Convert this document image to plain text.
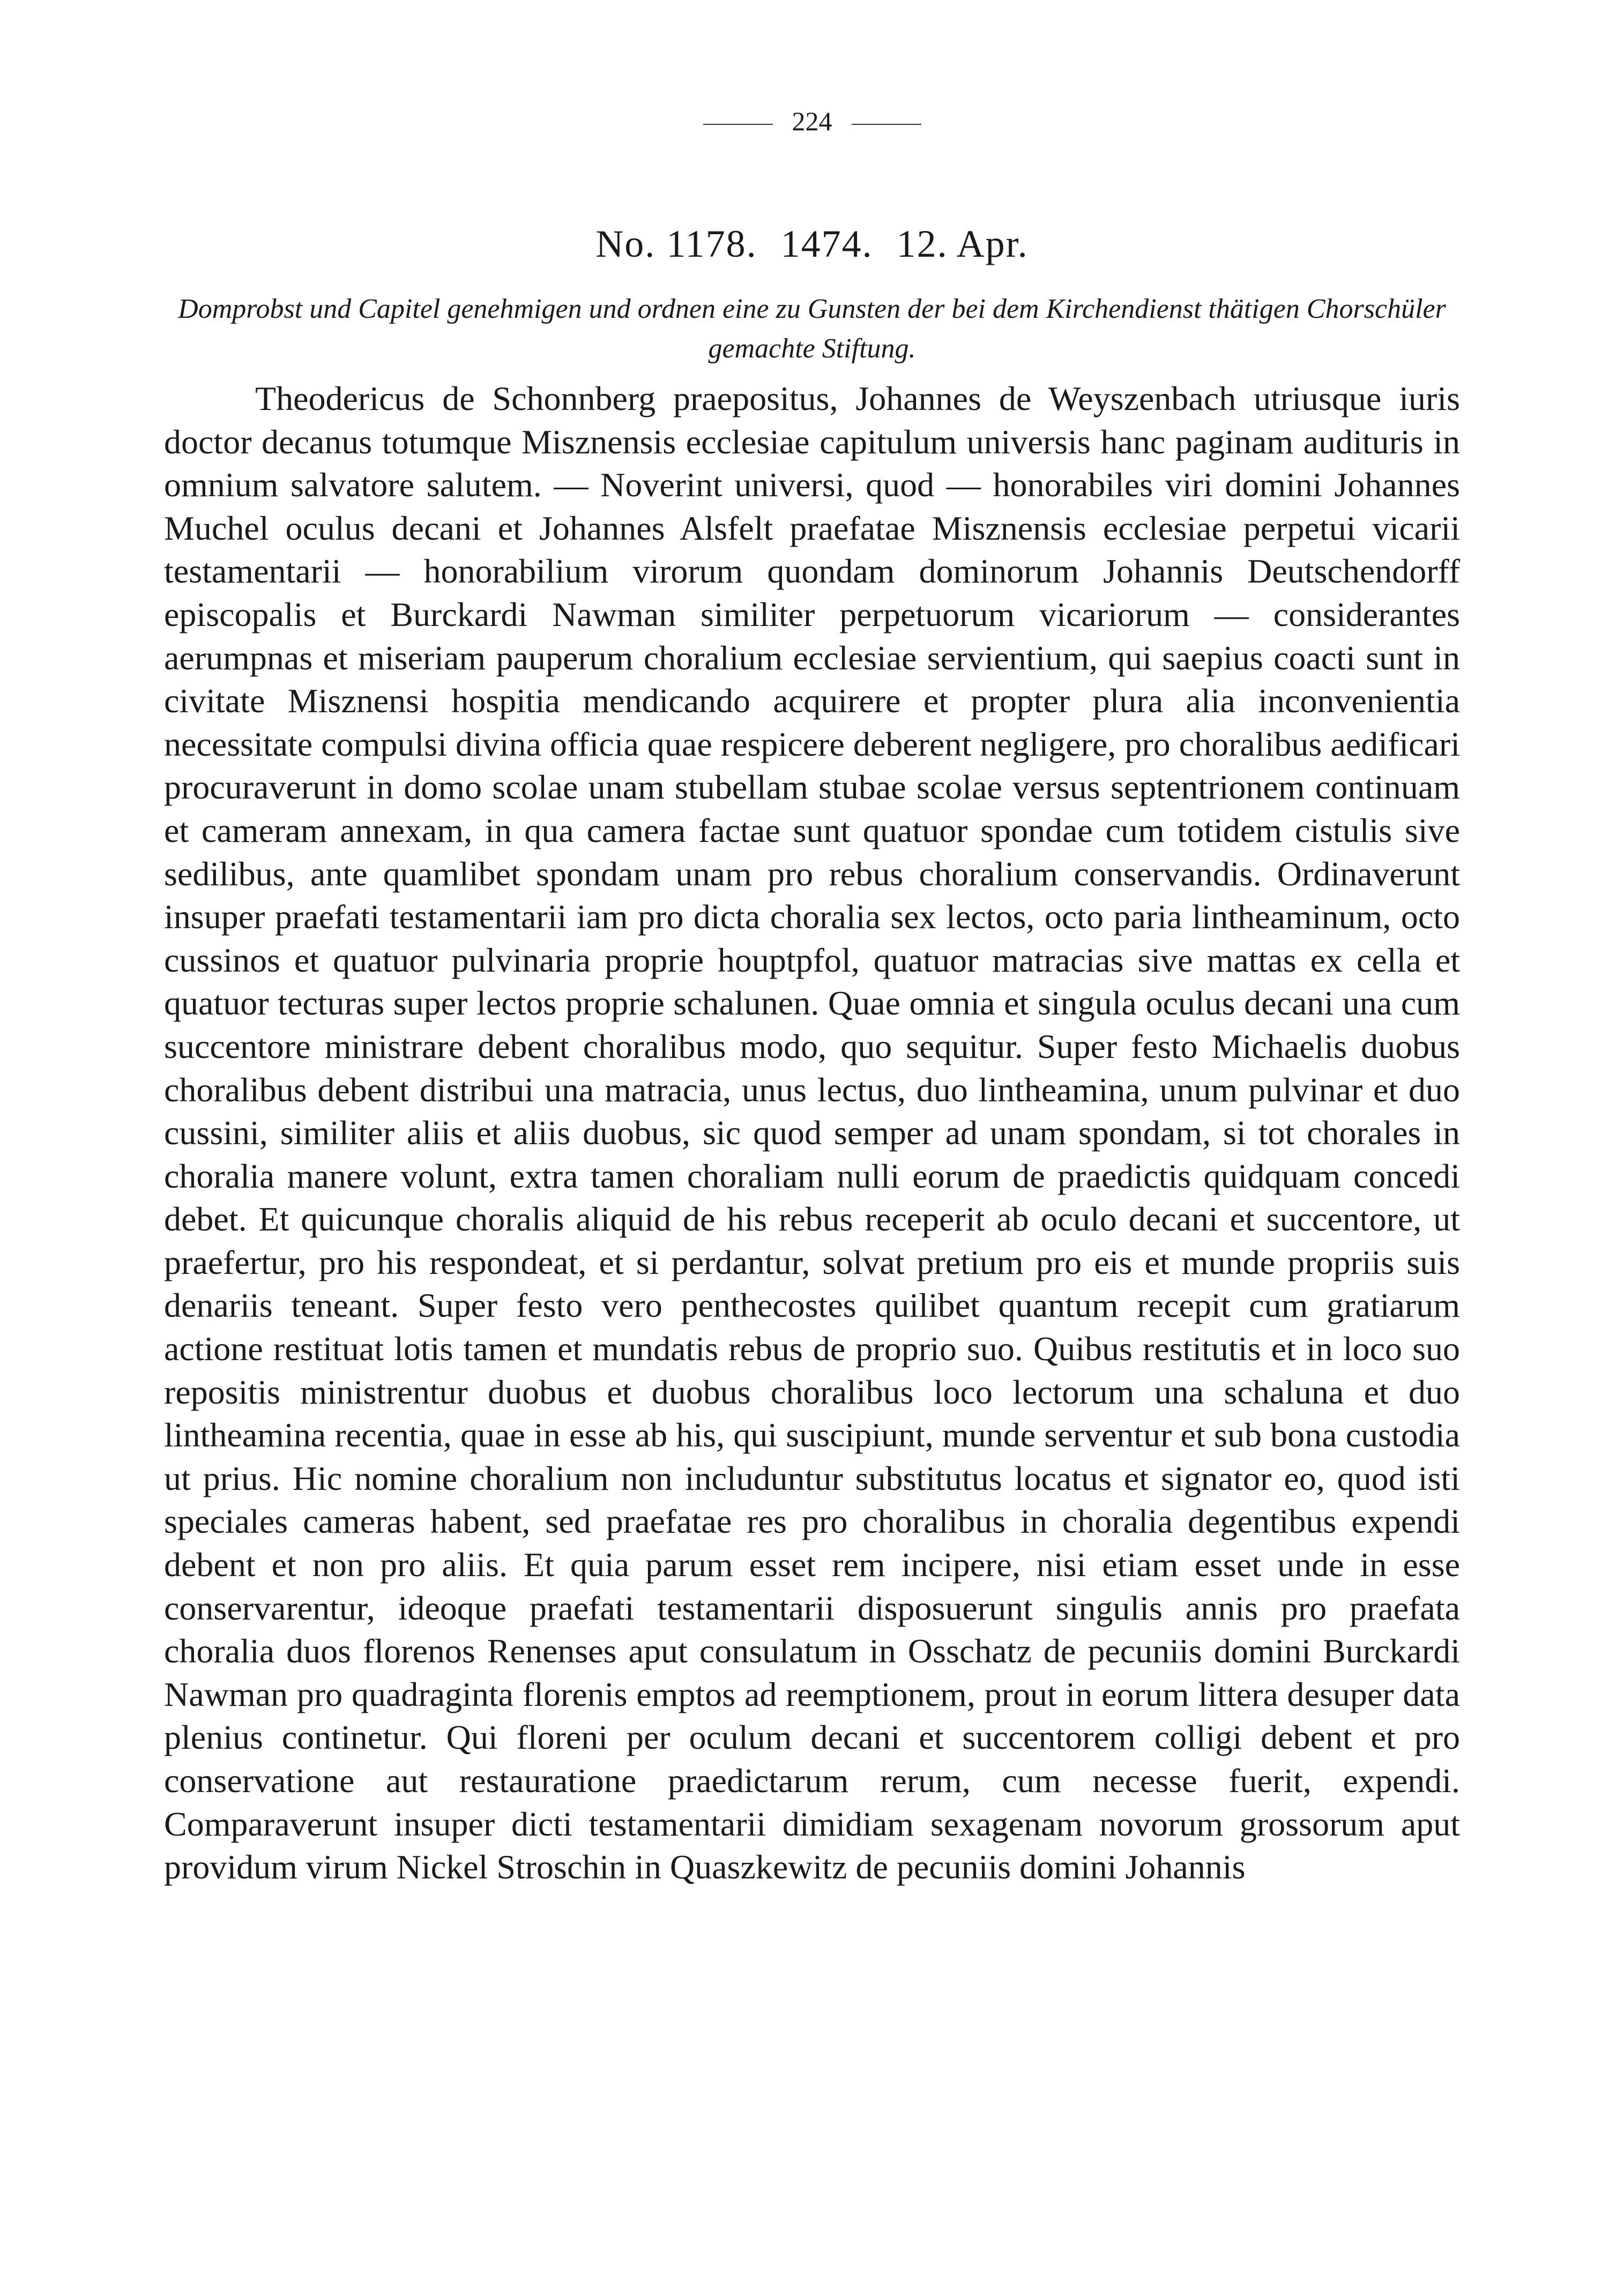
224
No. 1178. 1474. 12. Apr.
Domprobst und Capitel genehmigen und ordnen eine zu Gunsten der bei dem Kirchendienst thätigen Chorschüler gemachte Stiftung.
Theodericus de Schonnberg praepositus, Johannes de Weyszenbach utriusque iuris doctor decanus totumque Misznensis ecclesiae capitulum universis hanc paginam audituris in omnium salvatore salutem. — Noverint universi, quod — honorabiles viri domini Johannes Muchel oculus decani et Johannes Alsfelt praefatae Misznensis ecclesiae perpetui vicarii testamentarii — honorabilium virorum quondam dominorum Johannis Deutschendorff episcopalis et Burckardi Nawman similiter perpetuorum vicariorum — considerantes aerumpnas et miseriam pauperum choralium ecclesiae servientium, qui saepius coacti sunt in civitate Misznensi hospitia mendicando acquirere et propter plura alia inconvenientia necessitate compulsi divina officia quae respicere deberent negligere, pro choralibus aedificari procuraverunt in domo scolae unam stubellam stubae scolae versus septentrionem continuam et cameram annexam, in qua camera factae sunt quatuor spondae cum totidem cistulis sive sedilibus, ante quamlibet spondam unam pro rebus choralium conservandis. Ordinaverunt insuper praefati testamentarii iam pro dicta choralia sex lectos, octo paria lintheaminum, octo cussinos et quatuor pulvinaria proprie houptpfol, quatuor matracias sive mattas ex cella et quatuor tecturas super lectos proprie schalunen. Quae omnia et singula oculus decani una cum succentore ministrare debent choralibus modo, quo sequitur. Super festo Michaelis duobus choralibus debent distribui una matracia, unus lectus, duo lintheamina, unum pulvinar et duo cussini, similiter aliis et aliis duobus, sic quod semper ad unam spondam, si tot chorales in choralia manere volunt, extra tamen choraliam nulli eorum de praedictis quidquam concedi debet. Et quicunque choralis aliquid de his rebus receperit ab oculo decani et succentore, ut praefertur, pro his respondeat, et si perdantur, solvat pretium pro eis et munde propriis suis denariis teneant. Super festo vero penthecostes quilibet quantum recepit cum gratiarum actione restituat lotis tamen et mundatis rebus de proprio suo. Quibus restitutis et in loco suo repositis ministrentur duobus et duobus choralibus loco lectorum una schaluna et duo lintheamina recentia, quae in esse ab his, qui suscipiunt, munde serventur et sub bona custodia ut prius. Hic nomine choralium non includuntur substitutus locatus et signator eo, quod isti speciales cameras habent, sed praefatae res pro choralibus in choralia degentibus expendi debent et non pro aliis. Et quia parum esset rem incipere, nisi etiam esset unde in esse conservarentur, ideoque praefati testamentarii disposuerunt singulis annis pro praefata choralia duos florenos Renenses aput consulatum in Osschatz de pecuniis domini Burckardi Nawman pro quadraginta florenis emptos ad reemptionem, prout in eorum littera desuper data plenius continetur. Qui floreni per oculum decani et succentorem colligi debent et pro conservatione aut restauratione praedictarum rerum, cum necesse fuerit, expendi. Comparaverunt insuper dicti testamentarii dimidiam sexagenam novorum grossorum aput providum virum Nickel Stroschin in Quaszkewitz de pecuniis domini Johannis
